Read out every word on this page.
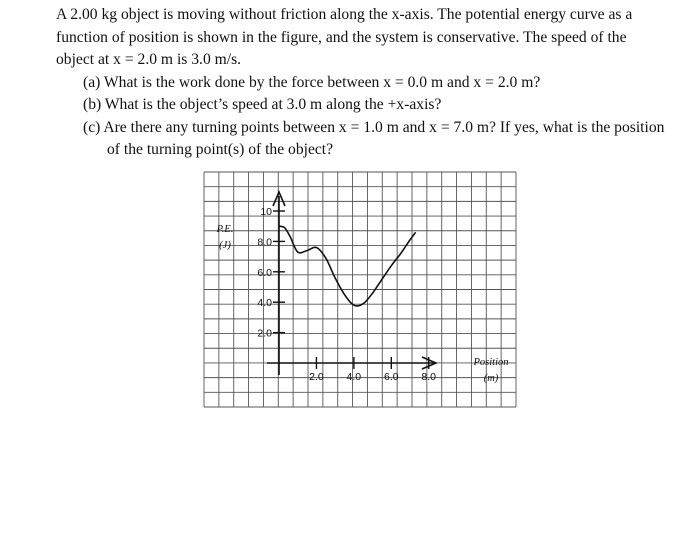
A 2.00 kg object is moving without friction along the x-axis. The potential energy curve as a function of position is shown in the figure, and the system is conservative. The speed of the object at x = 2.0 m is 3.0 m/s.

(a) What is the work done by the force between x = 0.0 m and x = 2.0 m?
(b) What is the object’s speed at 3.0 m along the +x-axis?
(c) Are there any turning points between x = 1.0 m and x = 7.0 m? If yes, what is the position of the turning point(s) of the object?
2.0
4.0
6.0
8.0
10
2.0 4.0 6.0 8.0
P.E.
(J)
Position
(m)
